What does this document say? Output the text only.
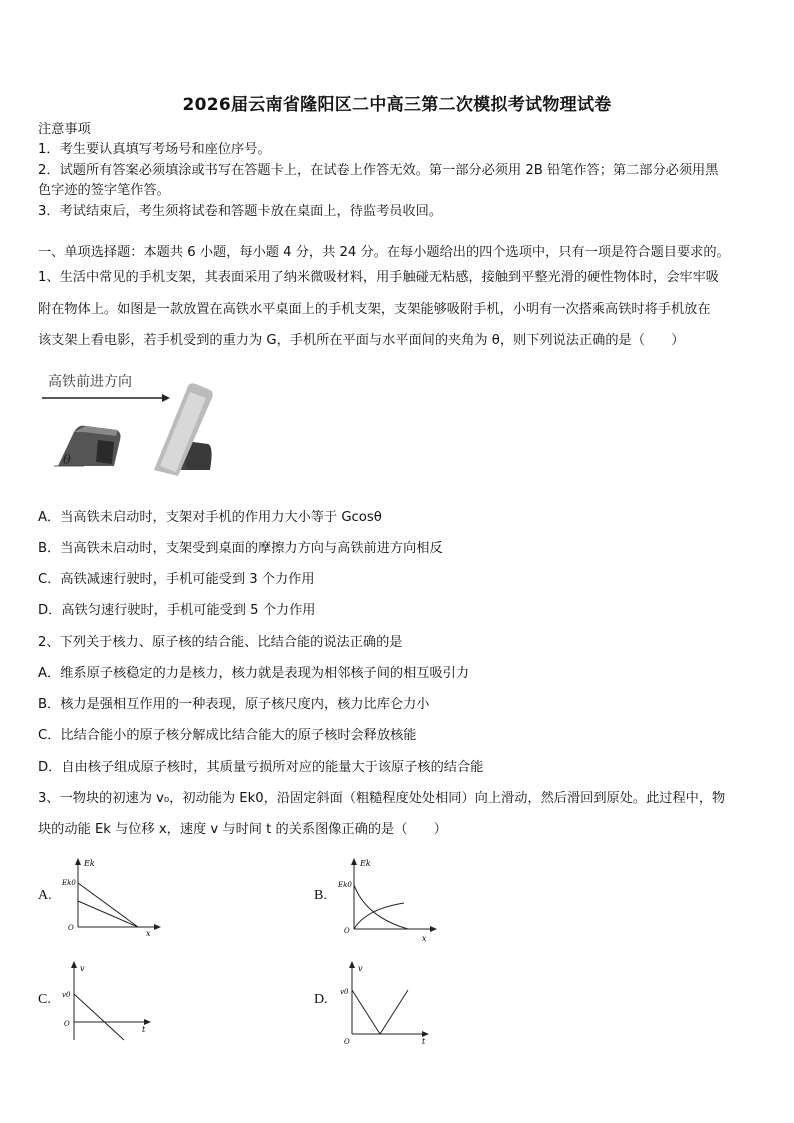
2026届云南省隆阳区二中高三第二次模拟考试物理试卷
注意事项
1．考生要认真填写考场号和座位序号。
2．试题所有答案必须填涂或书写在答题卡上，在试卷上作答无效。第一部分必须用 2B 铅笔作答；第二部分必须用黑
色字迹的签字笔作答。
3．考试结束后，考生须将试卷和答题卡放在桌面上，待监考员收回。
一、单项选择题：本题共 6 小题，每小题 4 分，共 24 分。在每小题给出的四个选项中，只有一项是符合题目要求的。
1、生活中常见的手机支架，其表面采用了纳米微吸材料，用手触碰无粘感，接触到平整光滑的硬性物体时，会牢牢吸
附在物体上。如图是一款放置在高铁水平桌面上的手机支架，支架能够吸附手机，小明有一次搭乘高铁时将手机放在
该支架上看电影，若手机受到的重力为 G，手机所在平面与水平面间的夹角为 θ，则下列说法正确的是（　　）
高铁前进方向
θ
A．当高铁未启动时，支架对手机的作用力大小等于 Gcosθ
B．当高铁未启动时，支架受到桌面的摩擦力方向与高铁前进方向相反
C．高铁减速行驶时，手机可能受到 3 个力作用
D．高铁匀速行驶时，手机可能受到 5 个力作用
2、下列关于核力、原子核的结合能、比结合能的说法正确的是
A．维系原子核稳定的力是核力，核力就是表现为相邻核子间的相互吸引力
B．核力是强相互作用的一种表现，原子核尺度内，核力比库仑力小
C．比结合能小的原子核分解成比结合能大的原子核时会释放核能
D．自由核子组成原子核时，其质量亏损所对应的能量大于该原子核的结合能
3、一物块的初速为 v₀，初动能为 Ek0，沿固定斜面（粗糙程度处处相同）向上滑动，然后滑回到原处。此过程中，物
块的动能 Ek 与位移 x，速度 v 与时间 t 的关系图像正确的是（　　）
A.
Ek
Ek0
O
x
B.
Ek
Ek0
O
x
C.
v
v0
O
t
D.
v
v0
O	t
